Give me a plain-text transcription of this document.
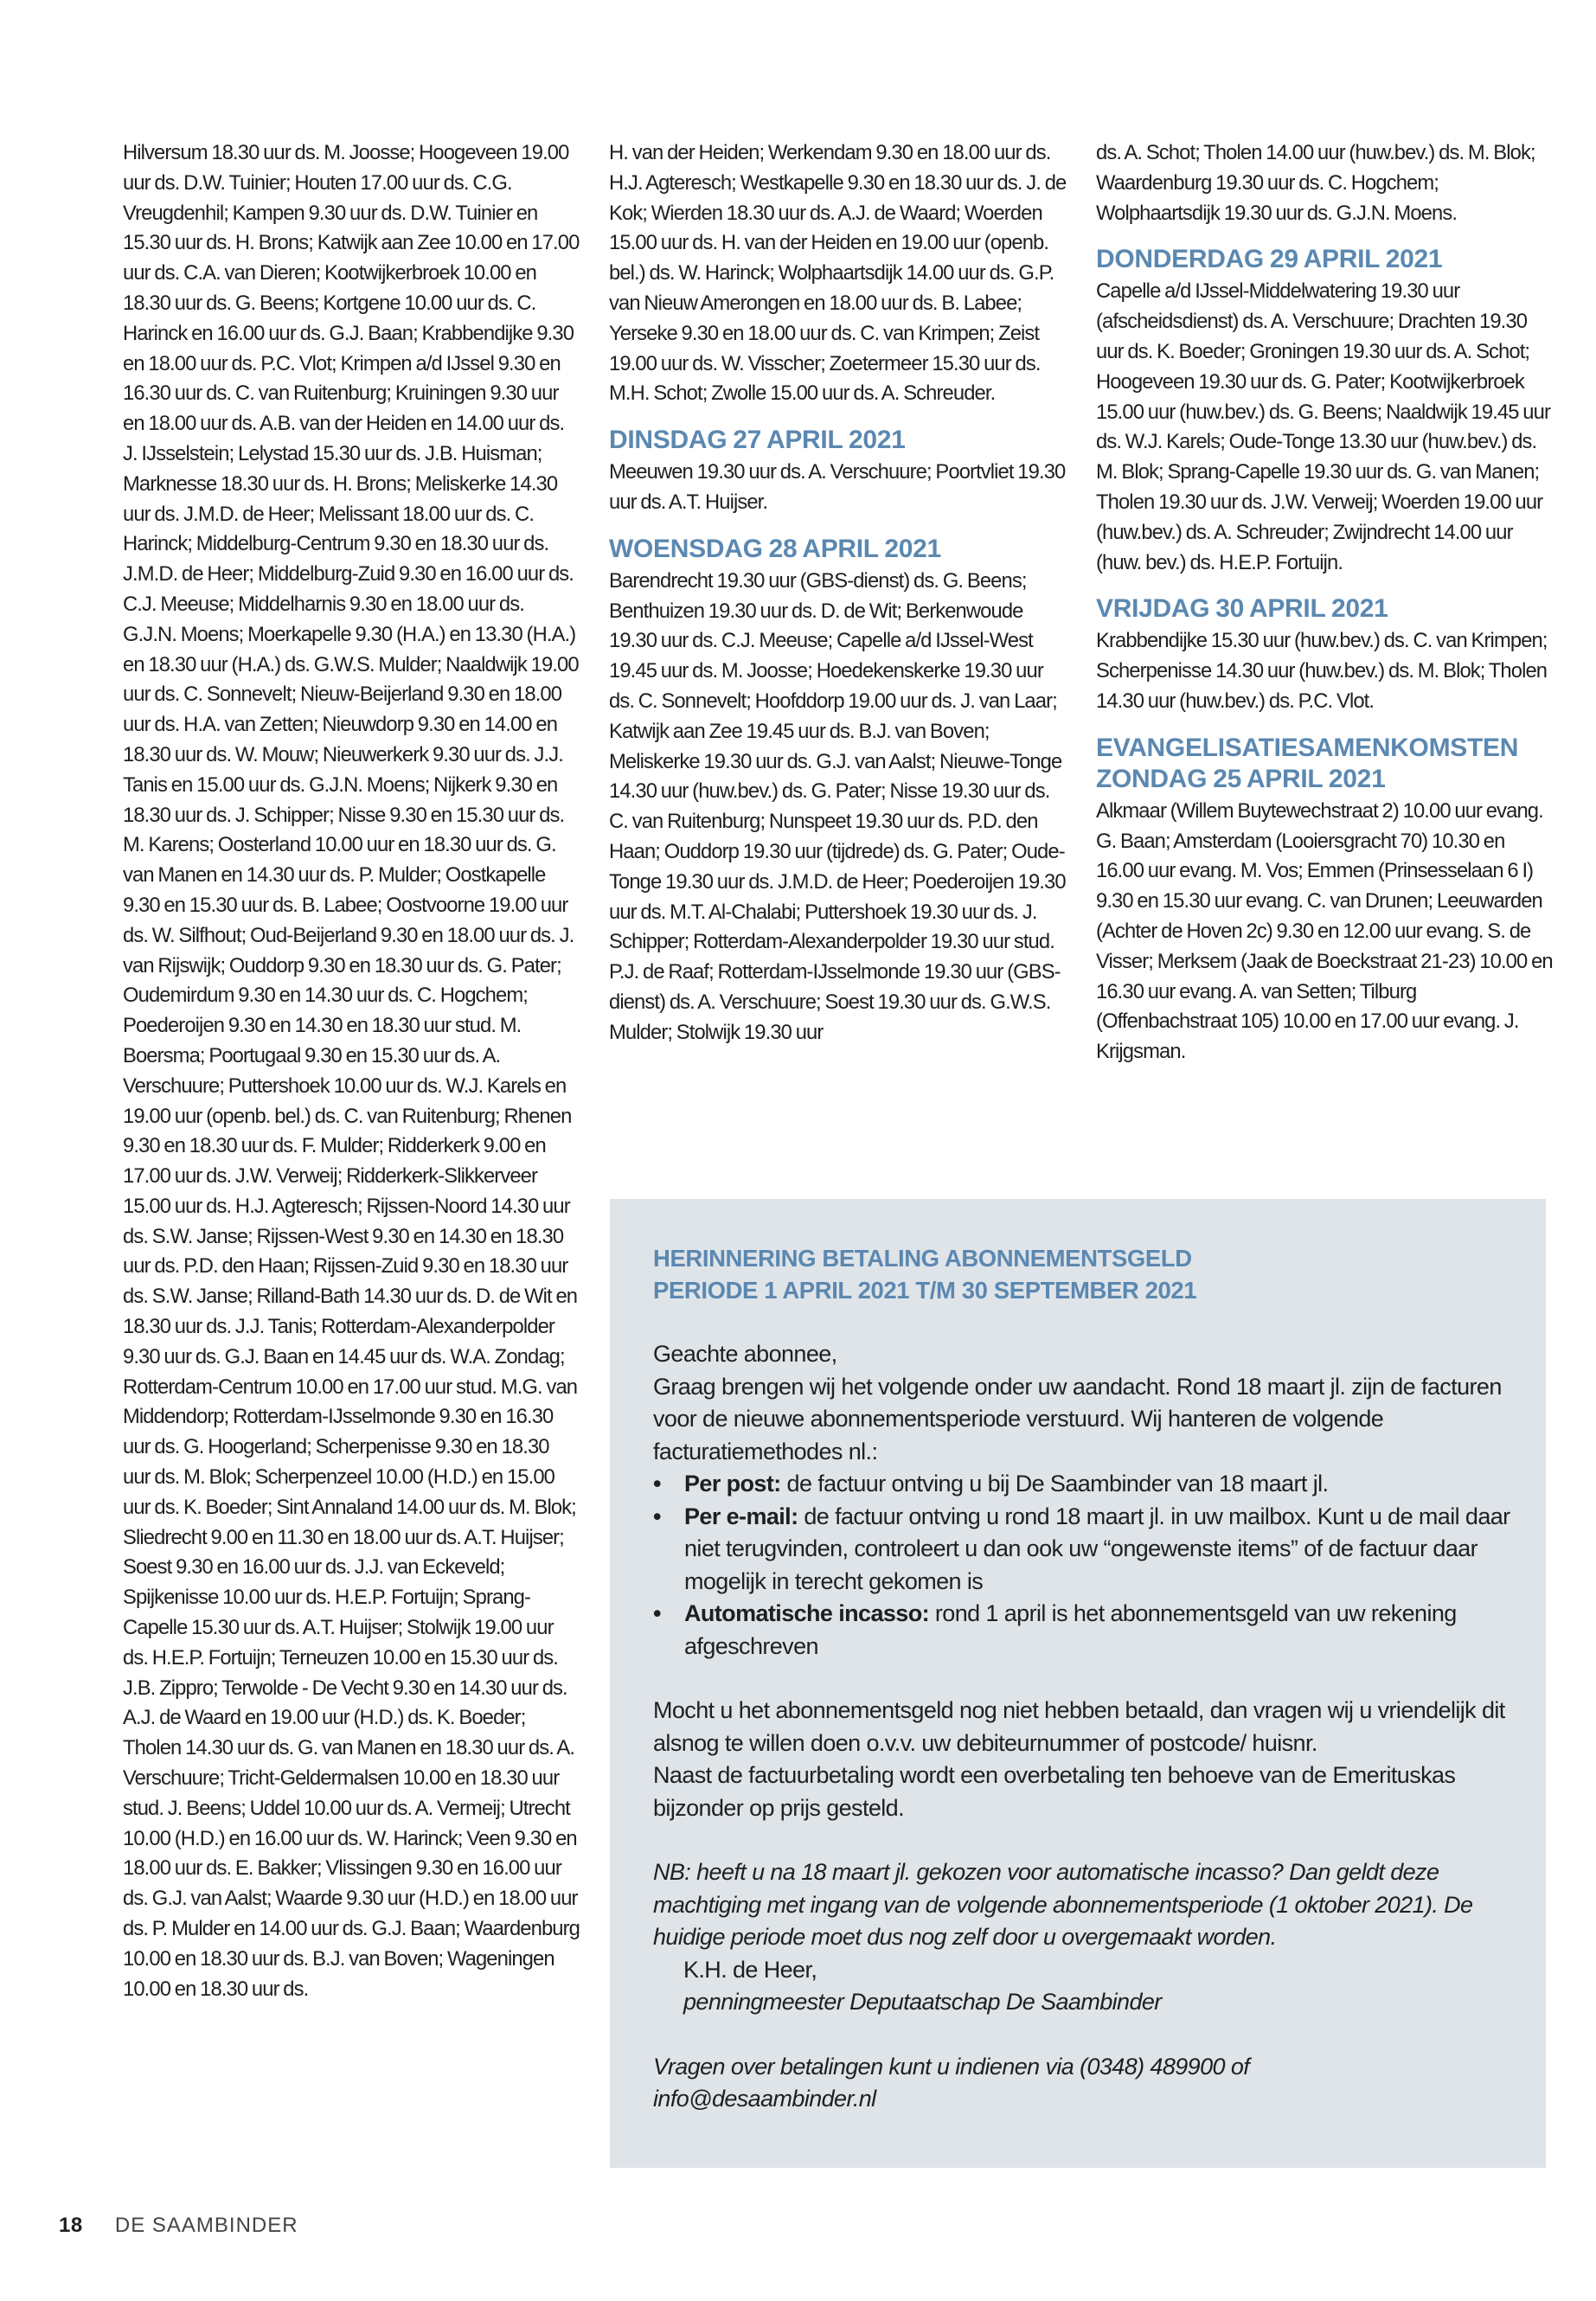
Hilversum 18.30 uur ds. M. Joosse; Hoogeveen 19.00 uur ds. D.W. Tuinier; Houten 17.00 uur ds. C.G. Vreugdenhil; Kampen 9.30 uur ds. D.W. Tuinier en 15.30 uur ds. H. Brons; Katwijk aan Zee 10.00 en 17.00 uur ds. C.A. van Dieren; Kootwijkerbroek 10.00 en 18.30 uur ds. G. Beens; Kortgene 10.00 uur ds. C. Harinck en 16.00 uur ds. G.J. Baan; Krabbendijke 9.30 en 18.00 uur ds. P.C. Vlot; Krimpen a/d IJssel 9.30 en 16.30 uur ds. C. van Ruitenburg; Kruiningen 9.30 uur en 18.00 uur ds. A.B. van der Heiden en 14.00 uur ds. J. IJsselstein; Lelystad 15.30 uur ds. J.B. Huisman; Marknesse 18.30 uur ds. H. Brons; Meliskerke 14.30 uur ds. J.M.D. de Heer; Melissant 18.00 uur ds. C. Harinck; Middelburg-Centrum 9.30 en 18.30 uur ds. J.M.D. de Heer; Middelburg-Zuid 9.30 en 16.00 uur ds. C.J. Meeuse; Middelharnis 9.30 en 18.00 uur ds. G.J.N. Moens; Moerkapelle 9.30 (H.A.) en 13.30 (H.A.) en 18.30 uur (H.A.) ds. G.W.S. Mulder; Naaldwijk 19.00 uur ds. C. Sonnevelt; Nieuw-Beijerland 9.30 en 18.00 uur ds. H.A. van Zetten; Nieuwdorp 9.30 en 14.00 en 18.30 uur ds. W. Mouw; Nieuwerkerk 9.30 uur ds. J.J. Tanis en 15.00 uur ds. G.J.N. Moens; Nijkerk 9.30 en 18.30 uur ds. J. Schipper; Nisse 9.30 en 15.30 uur ds. M. Karens; Oosterland 10.00 uur en 18.30 uur ds. G. van Manen en 14.30 uur ds. P. Mulder; Oostkapelle 9.30 en 15.30 uur ds. B. Labee; Oostvoorne 19.00 uur ds. W. Silfhout; Oud-Beijerland 9.30 en 18.00 uur ds. J. van Rijswijk; Ouddorp 9.30 en 18.30 uur ds. G. Pater; Oudemirdum 9.30 en 14.30 uur ds. C. Hogchem; Poederoijen 9.30 en 14.30 en 18.30 uur stud. M. Boersma; Poortugaal 9.30 en 15.30 uur ds. A. Verschuure; Puttershoek 10.00 uur ds. W.J. Karels en 19.00 uur (openb. bel.) ds. C. van Ruitenburg; Rhenen 9.30 en 18.30 uur ds. F. Mulder; Ridderkerk 9.00 en 17.00 uur ds. J.W. Verweij; Ridderkerk-Slikkerveer 15.00 uur ds. H.J. Agteresch; Rijssen-Noord 14.30 uur ds. S.W. Janse; Rijssen-West 9.30 en 14.30 en 18.30 uur ds. P.D. den Haan; Rijssen-Zuid 9.30 en 18.30 uur ds. S.W. Janse; Rilland-Bath 14.30 uur ds. D. de Wit en 18.30 uur ds. J.J. Tanis; Rotterdam-Alexanderpolder 9.30 uur ds. G.J. Baan en 14.45 uur ds. W.A. Zondag; Rotterdam-Centrum 10.00 en 17.00 uur stud. M.G. van Middendorp; Rotterdam-IJsselmonde 9.30 en 16.30 uur ds. G. Hoogerland; Scherpenisse 9.30 en 18.30 uur ds. M. Blok; Scherpenzeel 10.00 (H.D.) en 15.00 uur ds. K. Boeder; Sint Annaland 14.00 uur ds. M. Blok; Sliedrecht 9.00 en 11.30 en 18.00 uur ds. A.T. Huijser; Soest 9.30 en 16.00 uur ds. J.J. van Eckeveld; Spijkenisse 10.00 uur ds. H.E.P. Fortuijn; Sprang-Capelle 15.30 uur ds. A.T. Huijser; Stolwijk 19.00 uur ds. H.E.P. Fortuijn; Terneuzen 10.00 en 15.30 uur ds. J.B. Zippro; Terwolde - De Vecht 9.30 en 14.30 uur ds. A.J. de Waard en 19.00 uur (H.D.) ds. K. Boeder; Tholen 14.30 uur ds. G. van Manen en 18.30 uur ds. A. Verschuure; Tricht-Geldermalsen 10.00 en 18.30 uur stud. J. Beens; Uddel 10.00 uur ds. A. Vermeij; Utrecht 10.00 (H.D.) en 16.00 uur ds. W. Harinck; Veen 9.30 en 18.00 uur ds. E. Bakker; Vlissingen 9.30 en 16.00 uur ds. G.J. van Aalst; Waarde 9.30 uur (H.D.) en 18.00 uur ds. P. Mulder en 14.00 uur ds. G.J. Baan; Waardenburg 10.00 en 18.30 uur ds. B.J. van Boven; Wageningen 10.00 en 18.30 uur ds.

H. van der Heiden; Werkendam 9.30 en 18.00 uur ds. H.J. Agteresch; Westkapelle 9.30 en 18.30 uur ds. J. de Kok; Wierden 18.30 uur ds. A.J. de Waard; Woerden 15.00 uur ds. H. van der Heiden en 19.00 uur (openb. bel.) ds. W. Harinck; Wolphaartsdijk 14.00 uur ds. G.P. van Nieuw Amerongen en 18.00 uur ds. B. Labee; Yerseke 9.30 en 18.00 uur ds. C. van Krimpen; Zeist 19.00 uur ds. W. Visscher; Zoetermeer 15.30 uur ds. M.H. Schot; Zwolle 15.00 uur ds. A. Schreuder.

DINSDAG 27 APRIL 2021

Meeuwen 19.30 uur ds. A. Verschuure; Poortvliet 19.30 uur ds. A.T. Huijser.

WOENSDAG 28 APRIL 2021

Barendrecht 19.30 uur (GBS-dienst) ds. G. Beens; Benthuizen 19.30 uur ds. D. de Wit; Berkenwoude 19.30 uur ds. C.J. Meeuse; Capelle a/d IJssel-West 19.45 uur ds. M. Joosse; Hoedekenskerke 19.30 uur ds. C. Sonnevelt; Hoofddorp 19.00 uur ds. J. van Laar; Katwijk aan Zee 19.45 uur ds. B.J. van Boven; Meliskerke 19.30 uur ds. G.J. van Aalst; Nieuwe-Tonge 14.30 uur (huw.bev.) ds. G. Pater; Nisse 19.30 uur ds. C. van Ruitenburg; Nunspeet 19.30 uur ds. P.D. den Haan; Ouddorp 19.30 uur (tijdrede) ds. G. Pater; Oude-Tonge 19.30 uur ds. J.M.D. de Heer; Poederoijen 19.30 uur ds. M.T. Al-Chalabi; Puttershoek 19.30 uur ds. J. Schipper; Rotterdam-Alexanderpolder 19.30 uur stud. P.J. de Raaf; Rotterdam-IJsselmonde 19.30 uur (GBS-dienst) ds. A. Verschuure; Soest 19.30 uur ds. G.W.S. Mulder; Stolwijk 19.30 uur

ds. A. Schot; Tholen 14.00 uur (huw.bev.) ds. M. Blok; Waardenburg 19.30 uur ds. C. Hogchem; Wolphaartsdijk 19.30 uur ds. G.J.N. Moens.

DONDERDAG 29 APRIL 2021

Capelle a/d IJssel-Middelwatering 19.30 uur (afscheidsdienst) ds. A. Verschuure; Drachten 19.30 uur ds. K. Boeder; Groningen 19.30 uur ds. A. Schot; Hoogeveen 19.30 uur ds. G. Pater; Kootwijkerbroek 15.00 uur (huw.bev.) ds. G. Beens; Naaldwijk 19.45 uur ds. W.J. Karels; Oude-Tonge 13.30 uur (huw.bev.) ds. M. Blok; Sprang-Capelle 19.30 uur ds. G. van Manen; Tholen 19.30 uur ds. J.W. Verweij; Woerden 19.00 uur (huw.bev.) ds. A. Schreuder; Zwijndrecht 14.00 uur (huw. bev.) ds. H.E.P. Fortuijn.

VRIJDAG 30 APRIL 2021

Krabbendijke 15.30 uur (huw.bev.) ds. C. van Krimpen; Scherpenisse 14.30 uur (huw.bev.) ds. M. Blok; Tholen 14.30 uur (huw.bev.) ds. P.C. Vlot.

EVANGELISATIESAMENKOMSTEN
ZONDAG 25 APRIL 2021

Alkmaar (Willem Buytewechstraat 2) 10.00 uur evang. G. Baan; Amsterdam (Looiersgracht 70) 10.30 en 16.00 uur evang. M. Vos; Emmen (Prinsesselaan 6 I) 9.30 en 15.30 uur evang. C. van Drunen; Leeuwarden (Achter de Hoven 2c) 9.30 en 12.00 uur evang. S. de Visser; Merksem (Jaak de Boeckstraat 21-23) 10.00 en 16.30 uur evang. A. van Setten; Tilburg (Offenbachstraat 105) 10.00 en 17.00 uur evang. J. Krijgsman.

HERINNERING BETALING ABONNEMENTSGELD

PERIODE 1 APRIL 2021 T/M 30 SEPTEMBER 2021

Geachte abonnee,

Graag brengen wij het volgende onder uw aandacht. Rond 18 maart jl. zijn de facturen voor de nieuwe abonnementsperiode verstuurd. Wij hanteren de volgende facturatiemethodes nl.:

• Per post: de factuur ontving u bij De Saambinder van 18 maart jl.
• Per e-mail: de factuur ontving u rond 18 maart jl. in uw mailbox. Kunt u de mail daar niet terugvinden, controleert u dan ook uw “ongewenste items” of de factuur daar mogelijk in terecht gekomen is
• Automatische incasso: rond 1 april is het abonnementsgeld van uw rekening afgeschreven

Mocht u het abonnementsgeld nog niet hebben betaald, dan vragen wij u vriendelijk dit alsnog te willen doen o.v.v. uw debiteurnummer of postcode/ huisnr.

Naast de factuurbetaling wordt een overbetaling ten behoeve van de Emerituskas bijzonder op prijs gesteld.

NB: heeft u na 18 maart jl. gekozen voor automatische incasso? Dan geldt deze machtiging met ingang van de volgende abonnementsperiode (1 oktober 2021). De huidige periode moet dus nog zelf door u overgemaakt worden.

K.H. de Heer,

penningmeester Deputaatschap De Saambinder

Vragen over betalingen kunt u indienen via (0348) 489900 of info@desaambinder.nl

18 DE SAAMBINDER
